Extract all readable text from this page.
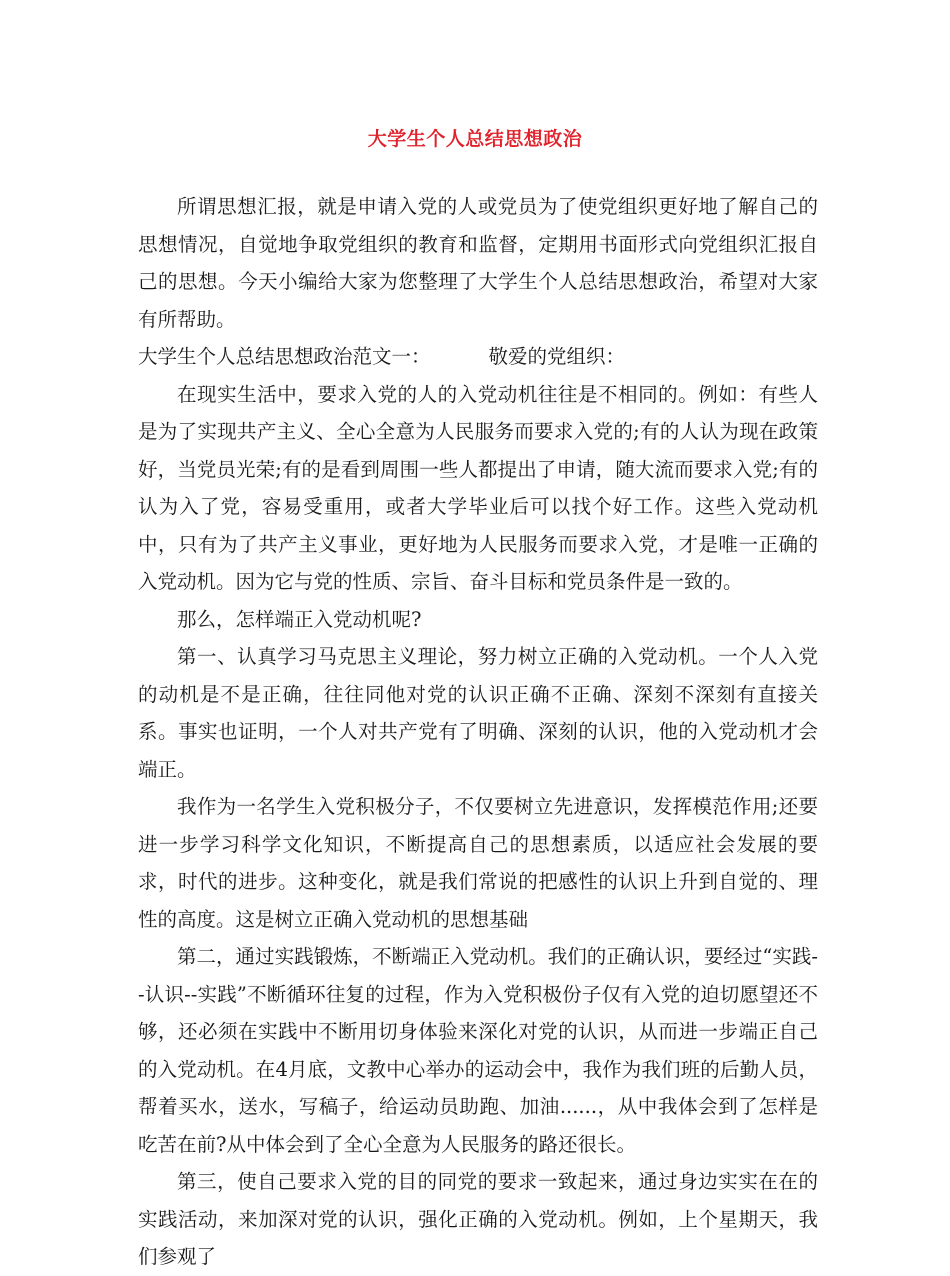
大学生个人总结思想政治

所谓思想汇报，就是申请入党的人或党员为了使党组织更好地了解自己的思想情况，自觉地争取党组织的教育和监督，定期用书面形式向党组织汇报自己的思想。今天小编给大家为您整理了大学生个人总结思想政治，希望对大家有所帮助。

大学生个人总结思想政治范文一：	敬爱的党组织：

在现实生活中，要求入党的人的入党动机往往是不相同的。例如：有些人是为了实现共产主义、全心全意为人民服务而要求入党的;有的人认为现在政策好，当党员光荣;有的是看到周围一些人都提出了申请，随大流而要求入党;有的认为入了党，容易受重用，或者大学毕业后可以找个好工作。这些入党动机中，只有为了共产主义事业，更好地为人民服务而要求入党，才是唯一正确的入党动机。因为它与党的性质、宗旨、奋斗目标和党员条件是一致的。

那么，怎样端正入党动机呢?

第一、认真学习马克思主义理论，努力树立正确的入党动机。一个人入党的动机是不是正确，往往同他对党的认识正确不正确、深刻不深刻有直接关系。事实也证明，一个人对共产党有了明确、深刻的认识，他的入党动机才会端正。

我作为一名学生入党积极分子，不仅要树立先进意识，发挥模范作用;还要进一步学习科学文化知识，不断提高自己的思想素质，以适应社会发展的要求，时代的进步。这种变化，就是我们常说的把感性的认识上升到自觉的、理性的高度。这是树立正确入党动机的思想基础

第二，通过实践锻炼，不断端正入党动机。我们的正确认识，要经过“实践--认识--实践”不断循环往复的过程，作为入党积极份子仅有入党的迫切愿望还不够，还必须在实践中不断用切身体验来深化对党的认识，从而进一步端正自己的入党动机。在4月底，文教中心举办的运动会中，我作为我们班的后勤人员，帮着买水，送水，写稿子，给运动员助跑、加油......，从中我体会到了怎样是吃苦在前?从中体会到了全心全意为人民服务的路还很长。

第三，使自己要求入党的目的同党的要求一致起来，通过身边实实在在的实践活动，来加深对党的认识，强化正确的入党动机。例如，上个星期天，我们参观了
